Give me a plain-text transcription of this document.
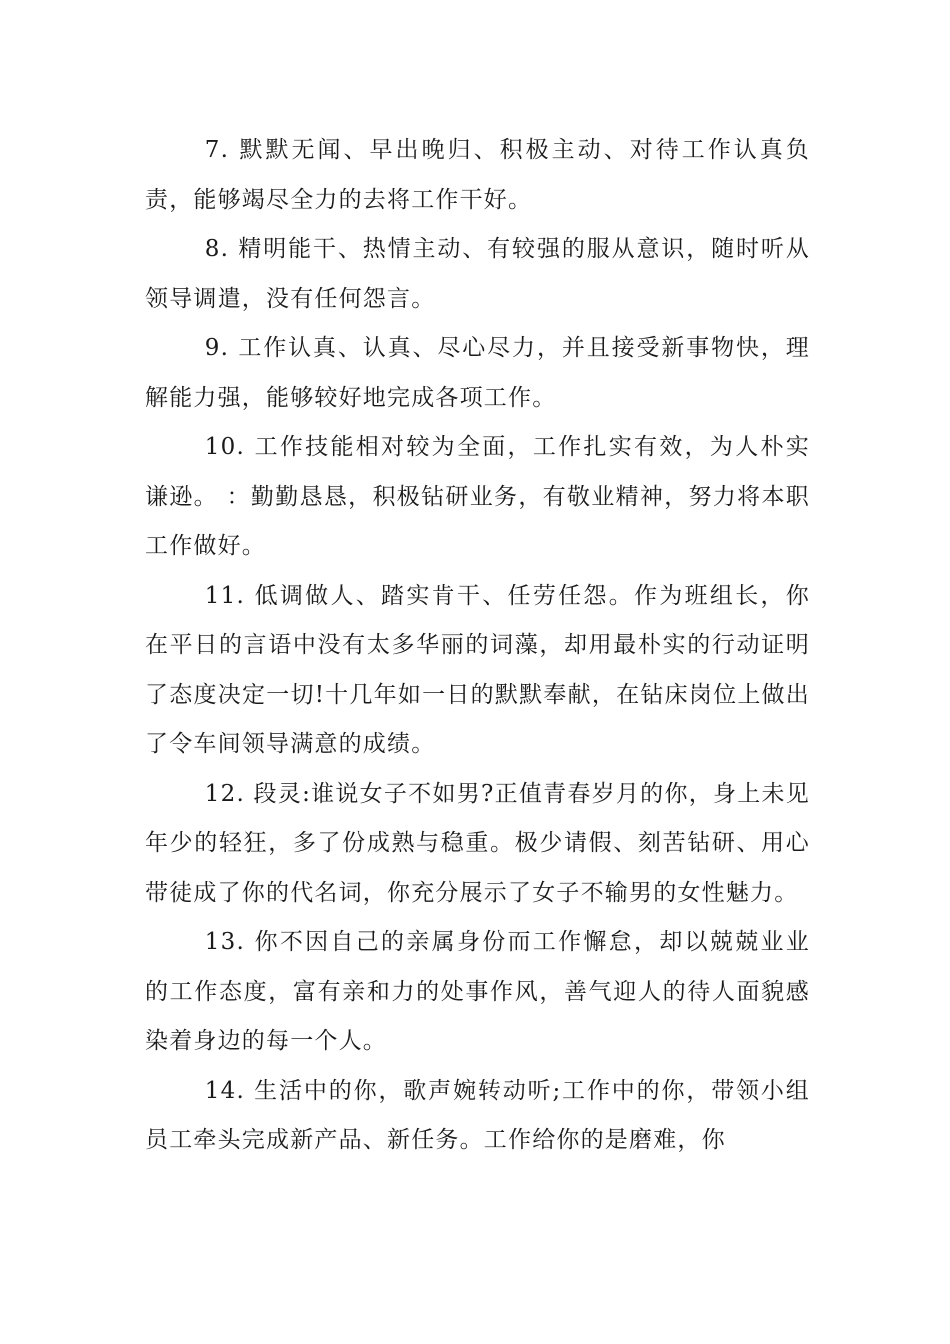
7. 默默无闻、早出晚归、积极主动、对待工作认真负责，能够竭尽全力的去将工作干好。

8. 精明能干、热情主动、有较强的服从意识，随时听从领导调遣，没有任何怨言。

9. 工作认真、认真、尽心尽力，并且接受新事物快，理解能力强，能够较好地完成各项工作。

10. 工作技能相对较为全面，工作扎实有效，为人朴实谦逊。 ：勤勤恳恳，积极钻研业务，有敬业精神，努力将本职工作做好。

11. 低调做人、踏实肯干、任劳任怨。作为班组长，你在平日的言语中没有太多华丽的词藻，却用最朴实的行动证明了态度决定一切!十几年如一日的默默奉献，在钻床岗位上做出了令车间领导满意的成绩。

12. 段灵:谁说女子不如男?正值青春岁月的你，身上未见年少的轻狂，多了份成熟与稳重。极少请假、刻苦钻研、用心带徒成了你的代名词，你充分展示了女子不输男的女性魅力。

13. 你不因自己的亲属身份而工作懈怠，却以兢兢业业的工作态度，富有亲和力的处事作风，善气迎人的待人面貌感染着身边的每一个人。

14. 生活中的你，歌声婉转动听;工作中的你，带领小组员工牵头完成新产品、新任务。工作给你的是磨难，你
